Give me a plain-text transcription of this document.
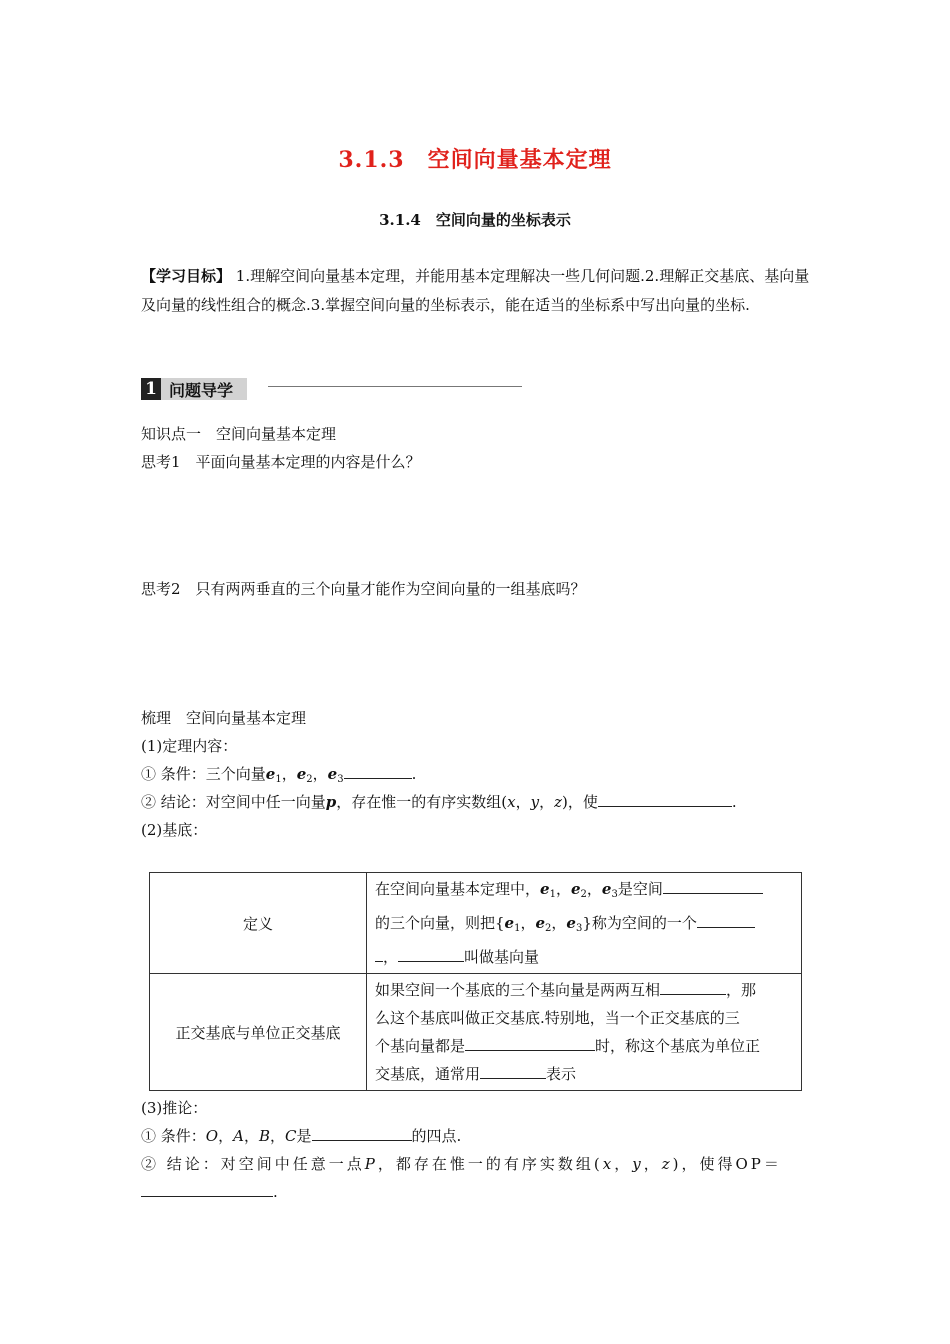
3.1.3　空间向量基本定理
3.1.4　空间向量的坐标表示
【学习目标】 1.理解空间向量基本定理，并能用基本定理解决一些几何问题.2.理解正交基底、基向量及向量的线性组合的概念.3.掌握空间向量的坐标表示，能在适当的坐标系中写出向量的坐标.
1 问题导学
知识点一　空间向量基本定理
思考1　平面向量基本定理的内容是什么？
思考2　只有两两垂直的三个向量才能作为空间向量的一组基底吗？
梳理　空间向量基本定理
(1)定理内容：
① 条件：三个向量$e_1$，$e_2$，$e_3$	.
② 结论：对空间中任一向量p，存在惟一的有序实数组(x，y，z)，使	.
(2)基底：
定义	在空间向量基本定理中，$e_1$，$e_2$，$e_3$是空间
的三个向量，则把{$e_1$，$e_2$，$e_3$}称为空间的一个
， 叫做基向量
正交基底与单位正交基底	如果空间一个基底的三个基向量是两两互相 ，那
么这个基底叫做正交基底.特别地，当一个正交基底的三
个基向量都是 时，称这个基底为单位正
交基底，通常用 表示
(3)推论：
① 条件：O，A，B，C是	的四点.
② 结论：对空间中任意一点P，都存在惟一的有序实数组(x，y，z)，使得OP＝
.
